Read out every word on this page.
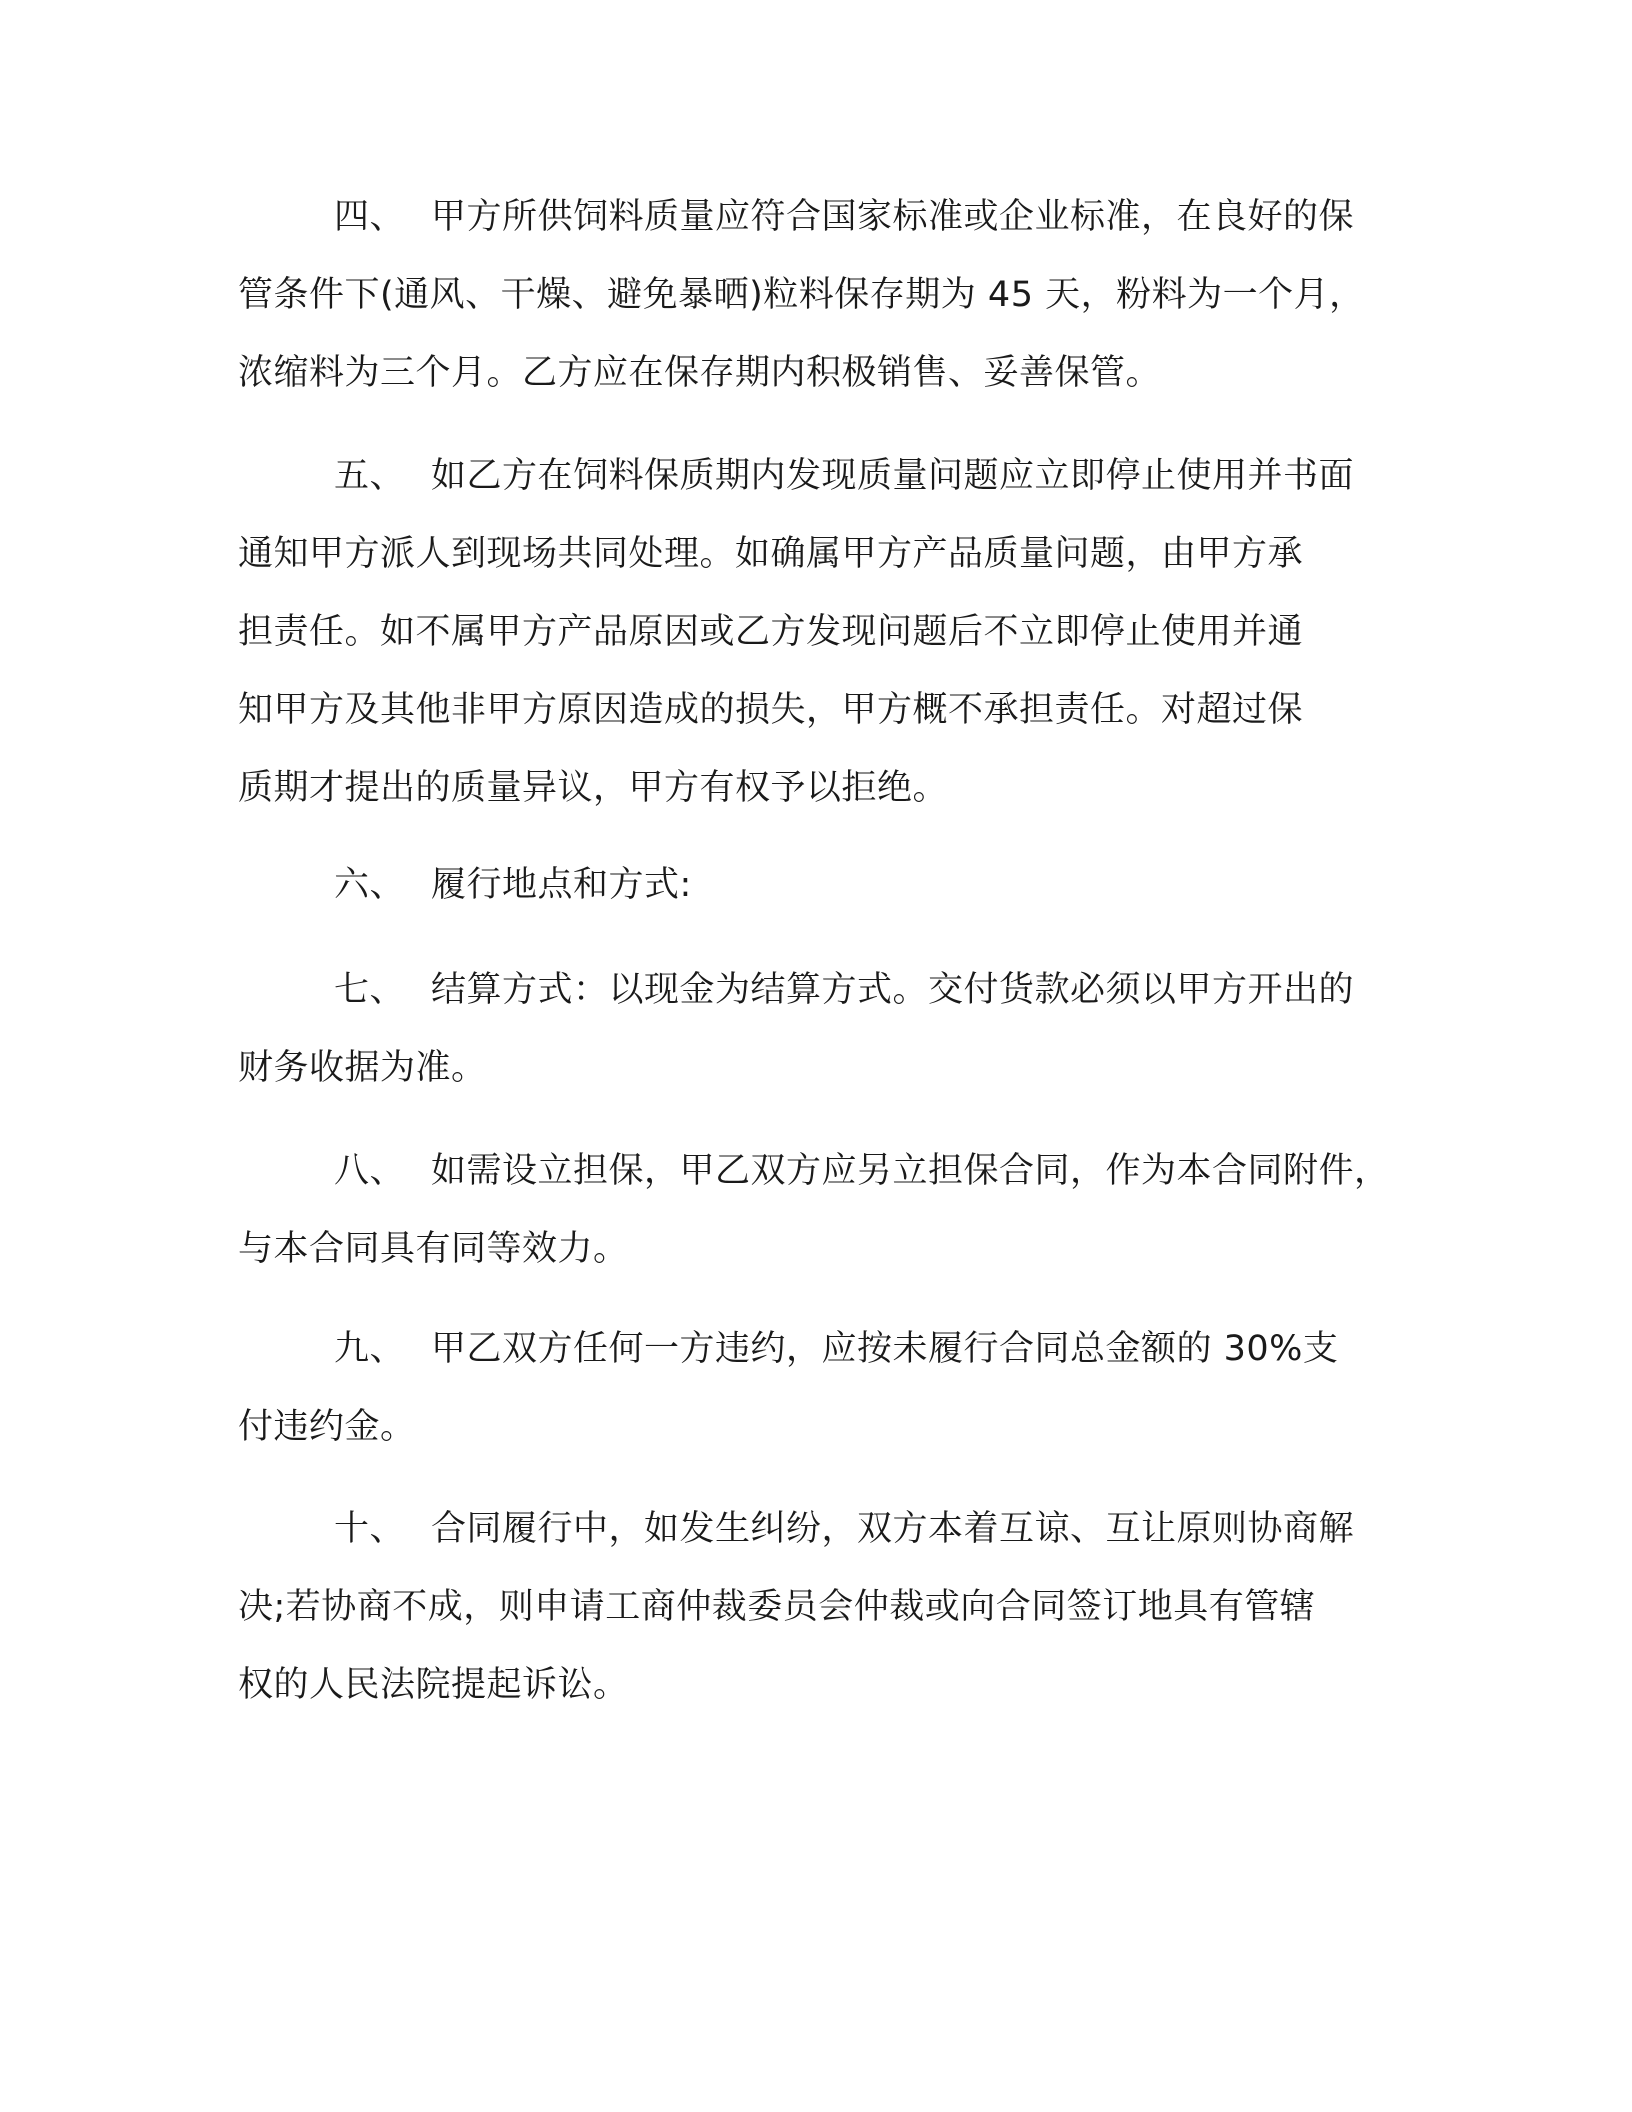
四、 甲方所供饲料质量应符合国家标准或企业标准，在良好的保
管条件下(通风、干燥、避免暴晒)粒料保存期为 45 天，粉料为一个月，
浓缩料为三个月。乙方应在保存期内积极销售、妥善保管。
五、 如乙方在饲料保质期内发现质量问题应立即停止使用并书面
通知甲方派人到现场共同处理。如确属甲方产品质量问题，由甲方承
担责任。如不属甲方产品原因或乙方发现问题后不立即停止使用并通
知甲方及其他非甲方原因造成的损失，甲方概不承担责任。对超过保
质期才提出的质量异议，甲方有权予以拒绝。
六、 履行地点和方式:
七、 结算方式：以现金为结算方式。交付货款必须以甲方开出的
财务收据为准。
八、 如需设立担保，甲乙双方应另立担保合同，作为本合同附件，
与本合同具有同等效力。
九、 甲乙双方任何一方违约，应按未履行合同总金额的 30%支
付违约金。
十、 合同履行中，如发生纠纷，双方本着互谅、互让原则协商解
决;若协商不成，则申请工商仲裁委员会仲裁或向合同签订地具有管辖
权的人民法院提起诉讼。
